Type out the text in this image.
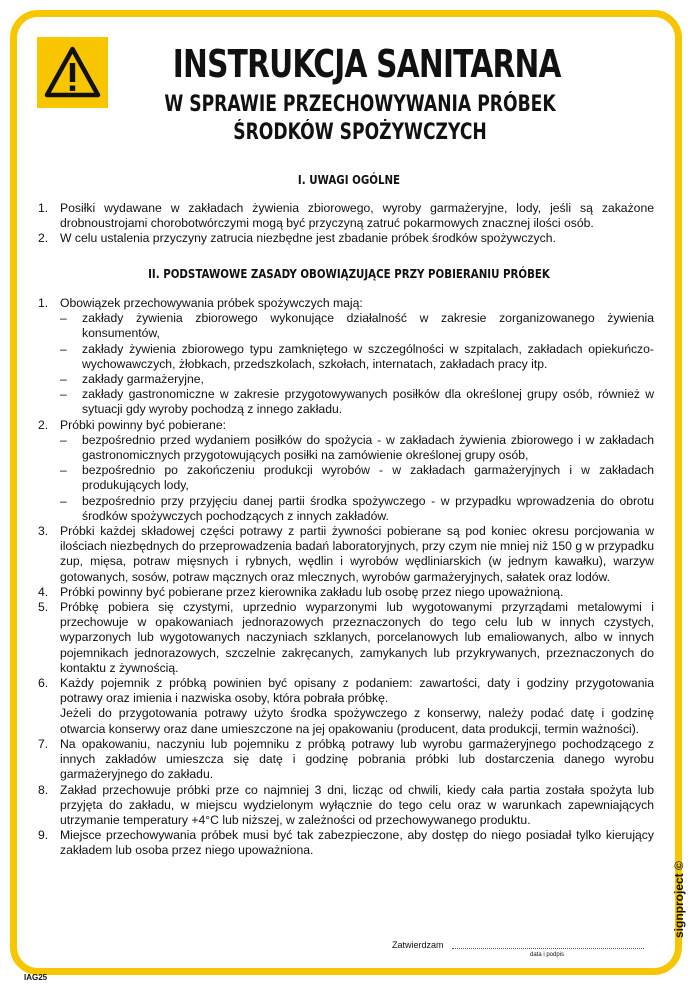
INSTRUKCJA SANITARNA
W SPRAWIE PRZECHOWYWANIA PRÓBEK
ŚRODKÓW SPOŻYWCZYCH
I. UWAGI OGÓLNE
1. Posiłki wydawane w zakładach żywienia zbiorowego, wyroby garmażeryjne, lody, jeśli są zakażone drobnoustrojami chorobotwórczymi mogą być przyczyną zatruć pokarmowych znacznej ilości osób.
2. W celu ustalenia przyczyny zatrucia niezbędne jest zbadanie próbek środków spożywczych.
II. PODSTAWOWE ZASADY OBOWIĄZUJĄCE PRZY POBIERANIU PRÓBEK
1. Obowiązek przechowywania próbek spożywczych mają:
– zakłady żywienia zbiorowego wykonujące działalność w zakresie zorganizowanego żywienia konsumentów,
– zakłady żywienia zbiorowego typu zamkniętego w szczególności w szpitalach, zakładach opiekuńczo-wychowawczych, żłobkach, przedszkolach, szkołach, internatach, zakładach pracy itp.
– zakłady garmażeryjne,
– zakłady gastronomiczne w zakresie przygotowywanych posiłków dla określonej grupy osób, również w sytuacji gdy wyroby pochodzą z innego zakładu.
2. Próbki powinny być pobierane:
– bezpośrednio przed wydaniem posiłków do spożycia - w zakładach żywienia zbiorowego i w zakładach gastronomicznych przygotowujących posiłki na zamówienie określonej grupy osób,
– bezpośrednio po zakończeniu produkcji wyrobów - w zakładach garmażeryjnych i w zakładach produkujących lody,
– bezpośrednio przy przyjęciu danej partii środka spożywczego - w przypadku wprowadzenia do obrotu środków spożywczych pochodzących z innych zakładów.
3. Próbki każdej składowej części potrawy z partii żywności pobierane są pod koniec okresu porcjowania w ilościach niezbędnych do przeprowadzenia badań laboratoryjnych, przy czym nie mniej niż 150 g w przypadku zup, mięsa, potraw mięsnych i rybnych, wędlin i wyrobów wędliniarskich (w jednym kawałku), warzyw gotowanych, sosów, potraw mącznych oraz mlecznych, wyrobów garmażeryjnych, sałatek oraz lodów.
4. Próbki powinny być pobierane przez kierownika zakładu lub osobę przez niego upoważnioną.
5. Próbkę pobiera się czystymi, uprzednio wyparzonymi lub wygotowanymi przyrządami metalowymi i przechowuje w opakowaniach jednorazowych przeznaczonych do tego celu lub w innych czystych, wyparzonych lub wygotowanych naczyniach szklanych, porcelanowych lub emaliowanych, albo w innych pojemnikach jednorazowych, szczelnie zakręcanych, zamykanych lub przykrywanych, przeznaczonych do kontaktu z żywnością.
6. Każdy pojemnik z próbką powinien być opisany z podaniem: zawartości, daty i godziny przygotowania potrawy oraz imienia i nazwiska osoby, która pobrała próbkę.
Jeżeli do przygotowania potrawy użyto środka spożywczego z konserwy, należy podać datę i godzinę otwarcia konserwy oraz dane umieszczone na jej opakowaniu (producent, data produkcji, termin ważności).
7. Na opakowaniu, naczyniu lub pojemniku z próbką potrawy lub wyrobu garmażeryjnego pochodzącego z innych zakładów umieszcza się datę i godzinę pobrania próbki lub dostarczenia danego wyrobu garmażeryjnego do zakładu.
8. Zakład przechowuje próbki prze co najmniej 3 dni, licząc od chwili, kiedy cała partia została spożyta lub przyjęta do zakładu, w miejscu wydzielonym wyłącznie do tego celu oraz w warunkach zapewniających utrzymanie temperatury +4°C lub niższej, w zależności od przechowywanego produktu.
9. Miejsce przechowywania próbek musi być tak zabezpieczone, aby dostęp do niego posiadał tylko kierujący zakładem lub osoba przez niego upoważniona.
Zatwierdzam
data i podpis
IAG25
signproject ©
